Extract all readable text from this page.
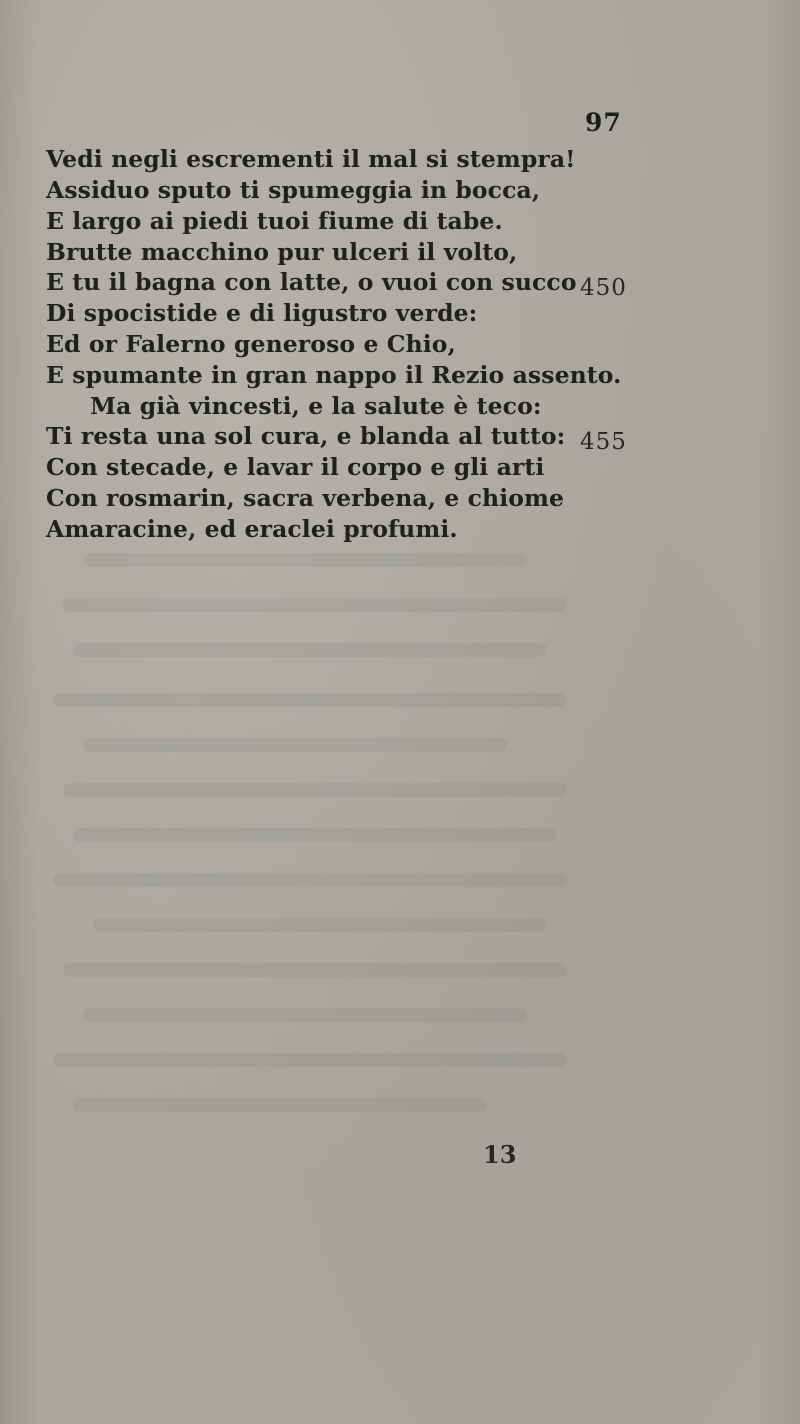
97
Vedi negli escrementi il mal si stempra!
Assiduo sputo ti spumeggia in bocca,
E largo ai piedi tuoi fiume di tabe.
Brutte macchino pur ulceri il volto,
E tu il bagna con latte, o vuoi con succo
Di spocistide e di ligustro verde:
Ed or Falerno generoso e Chio,
E spumante in gran nappo il Rezio assento.
Ma già vincesti, e la salute è teco:
Ti resta una sol cura, e blanda al tutto:
Con stecade, e lavar il corpo e gli arti
Con rosmarin, sacra verbena, e chiome
Amaracine, ed eraclei profumi.
450
455
13
